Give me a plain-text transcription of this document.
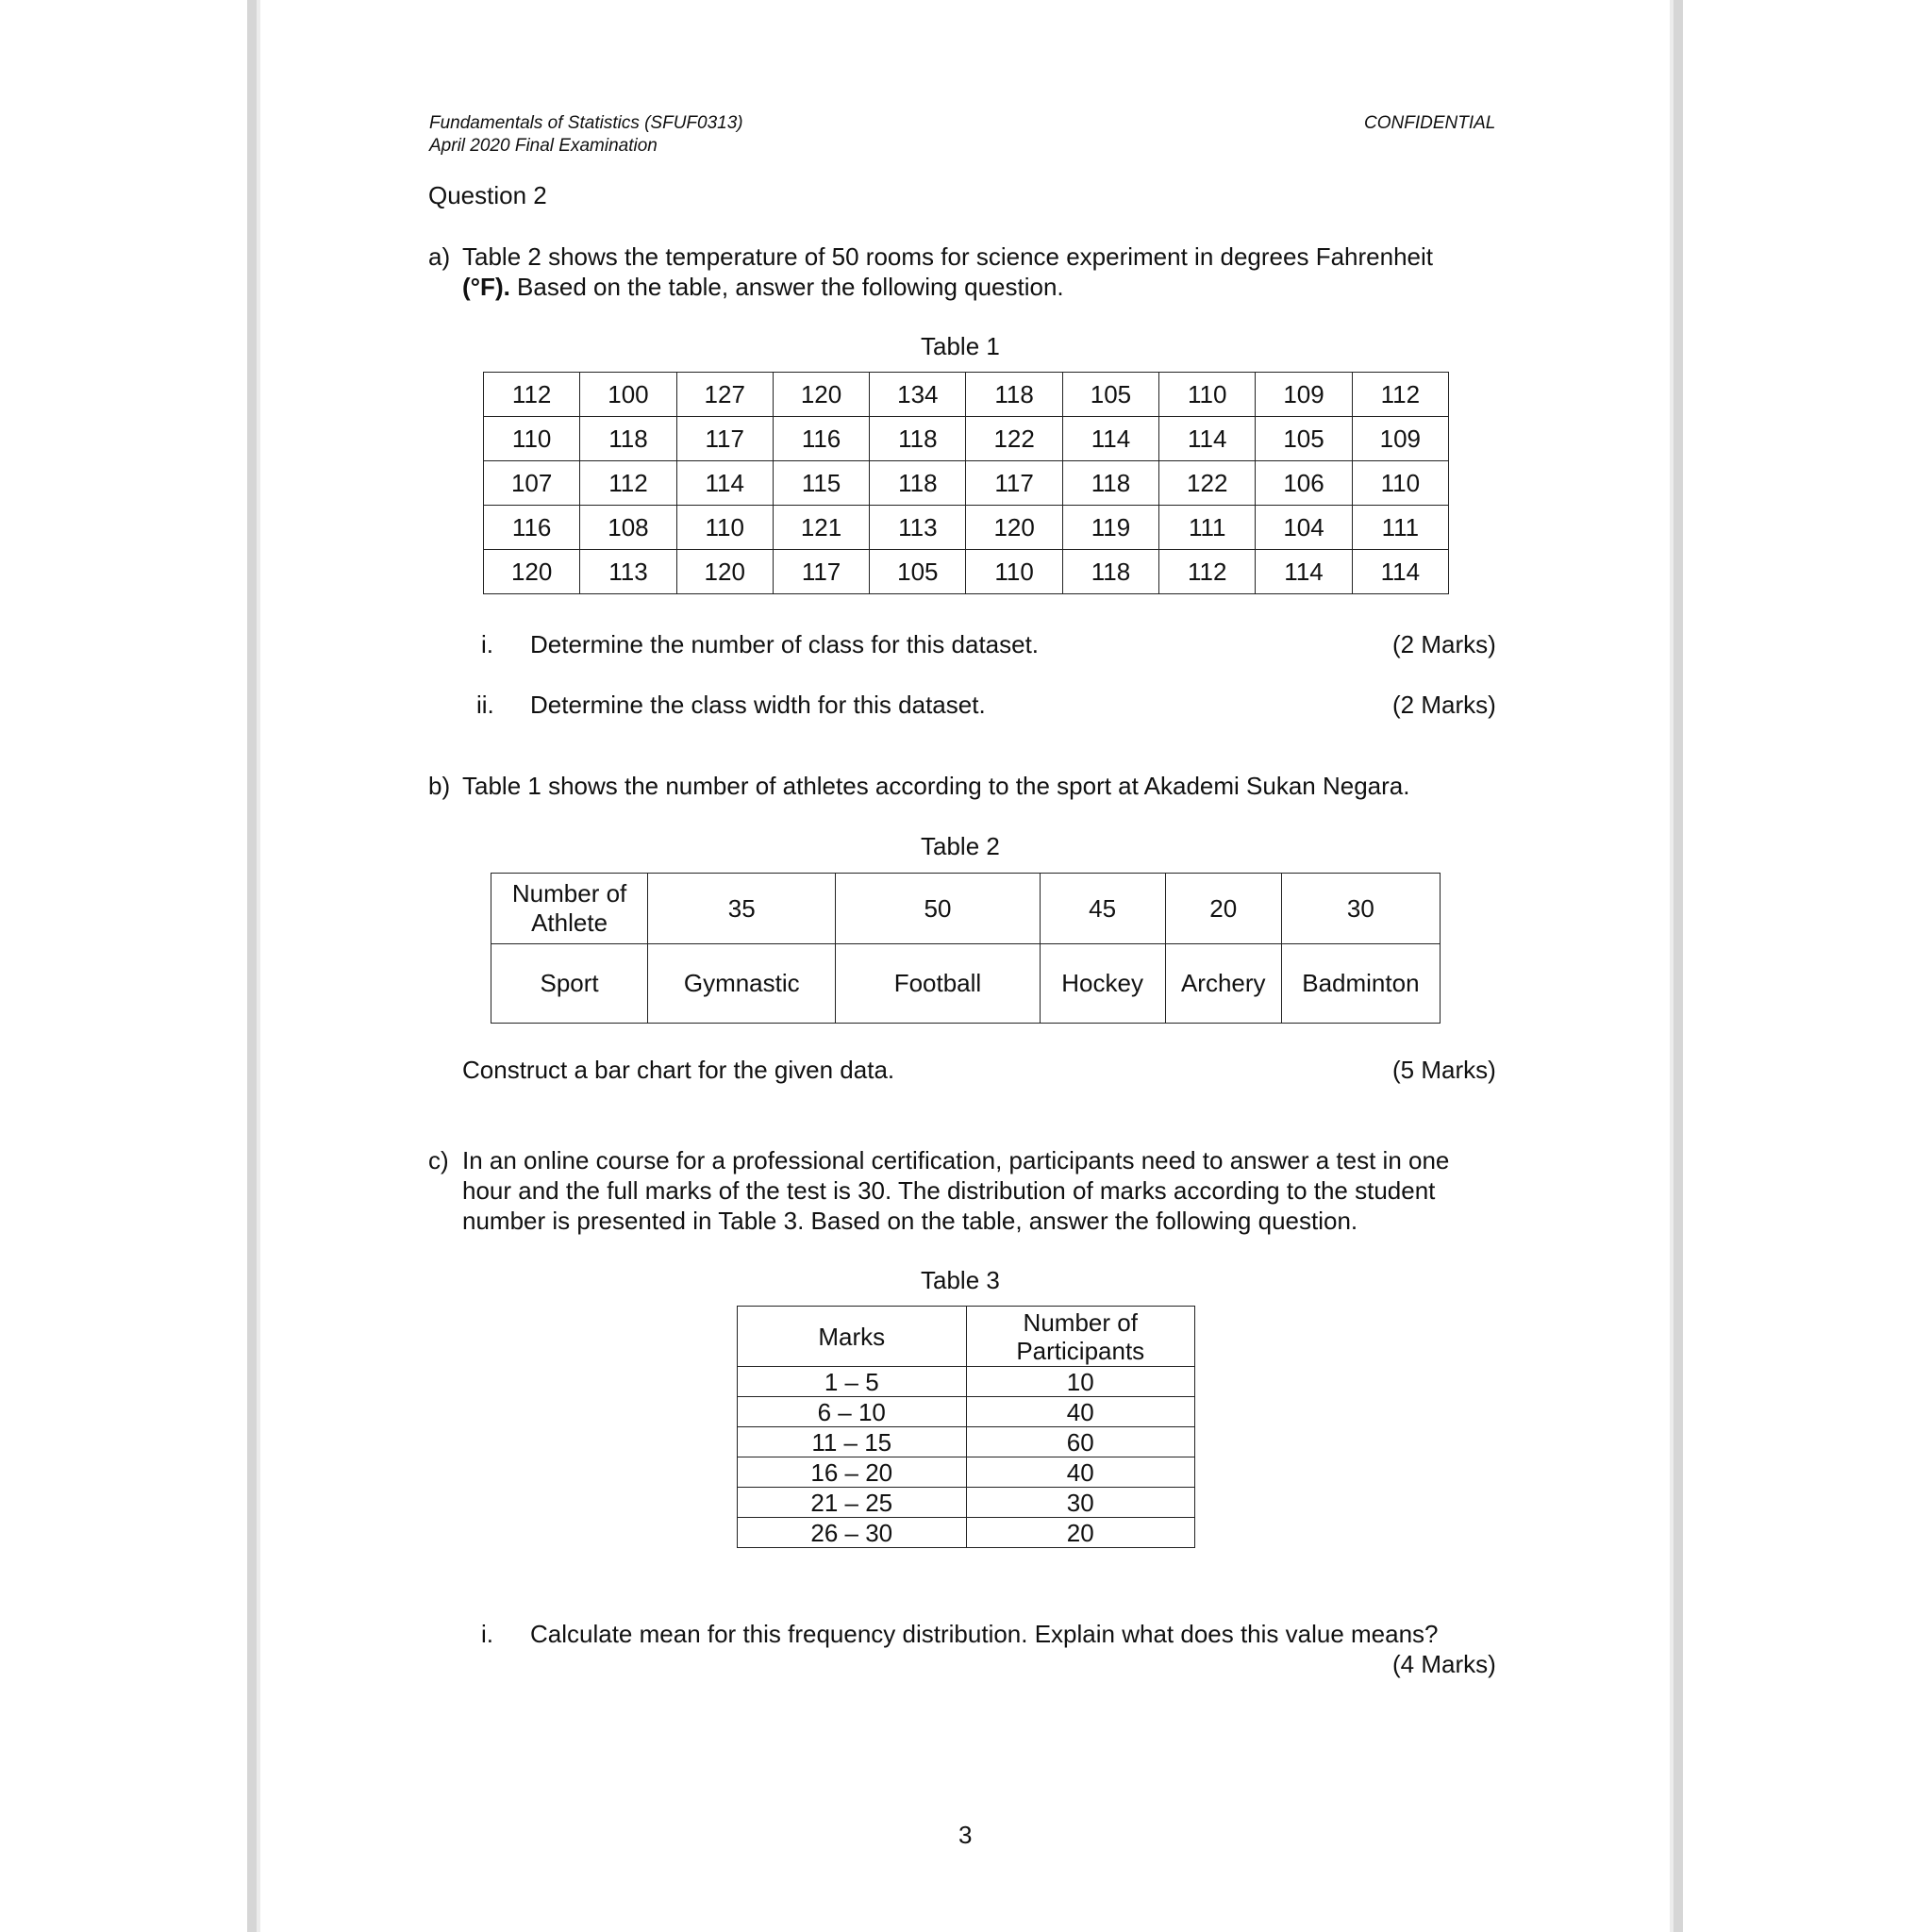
Fundamentals of Statistics (SFUF0313)
April 2020 Final Examination
CONFIDENTIAL
Question 2
a) Table 2 shows the temperature of 50 rooms for science experiment in degrees Fahrenheit
(°F). Based on the table, answer the following question.
Table 1
112	100	127	120	134	118	105	110	109	112
110	118	117	116	118	122	114	114	105	109
107	112	114	115	118	117	118	122	106	110
116	108	110	121	113	120	119	111	104	111
120	113	120	117	105	110	118	112	114	114
i. Determine the number of class for this dataset.	(2 Marks)
ii. Determine the class width for this dataset.	(2 Marks)
b) Table 1 shows the number of athletes according to the sport at Akademi Sukan Negara.
Table 2
Number of
Athlete	35	50	45	20	30
Sport	Gymnastic	Football	Hockey	Archery	Badminton
Construct a bar chart for the given data.	(5 Marks)
c) In an online course for a professional certification, participants need to answer a test in one
hour and the full marks of the test is 30. The distribution of marks according to the student
number is presented in Table 3. Based on the table, answer the following question.
Table 3
Marks	Number of
Participants
1 – 5	10
6 – 10	40
11 – 15	60
16 – 20	40
21 – 25	30
26 – 30	20
i. Calculate mean for this frequency distribution. Explain what does this value means?
(4 Marks)
3
